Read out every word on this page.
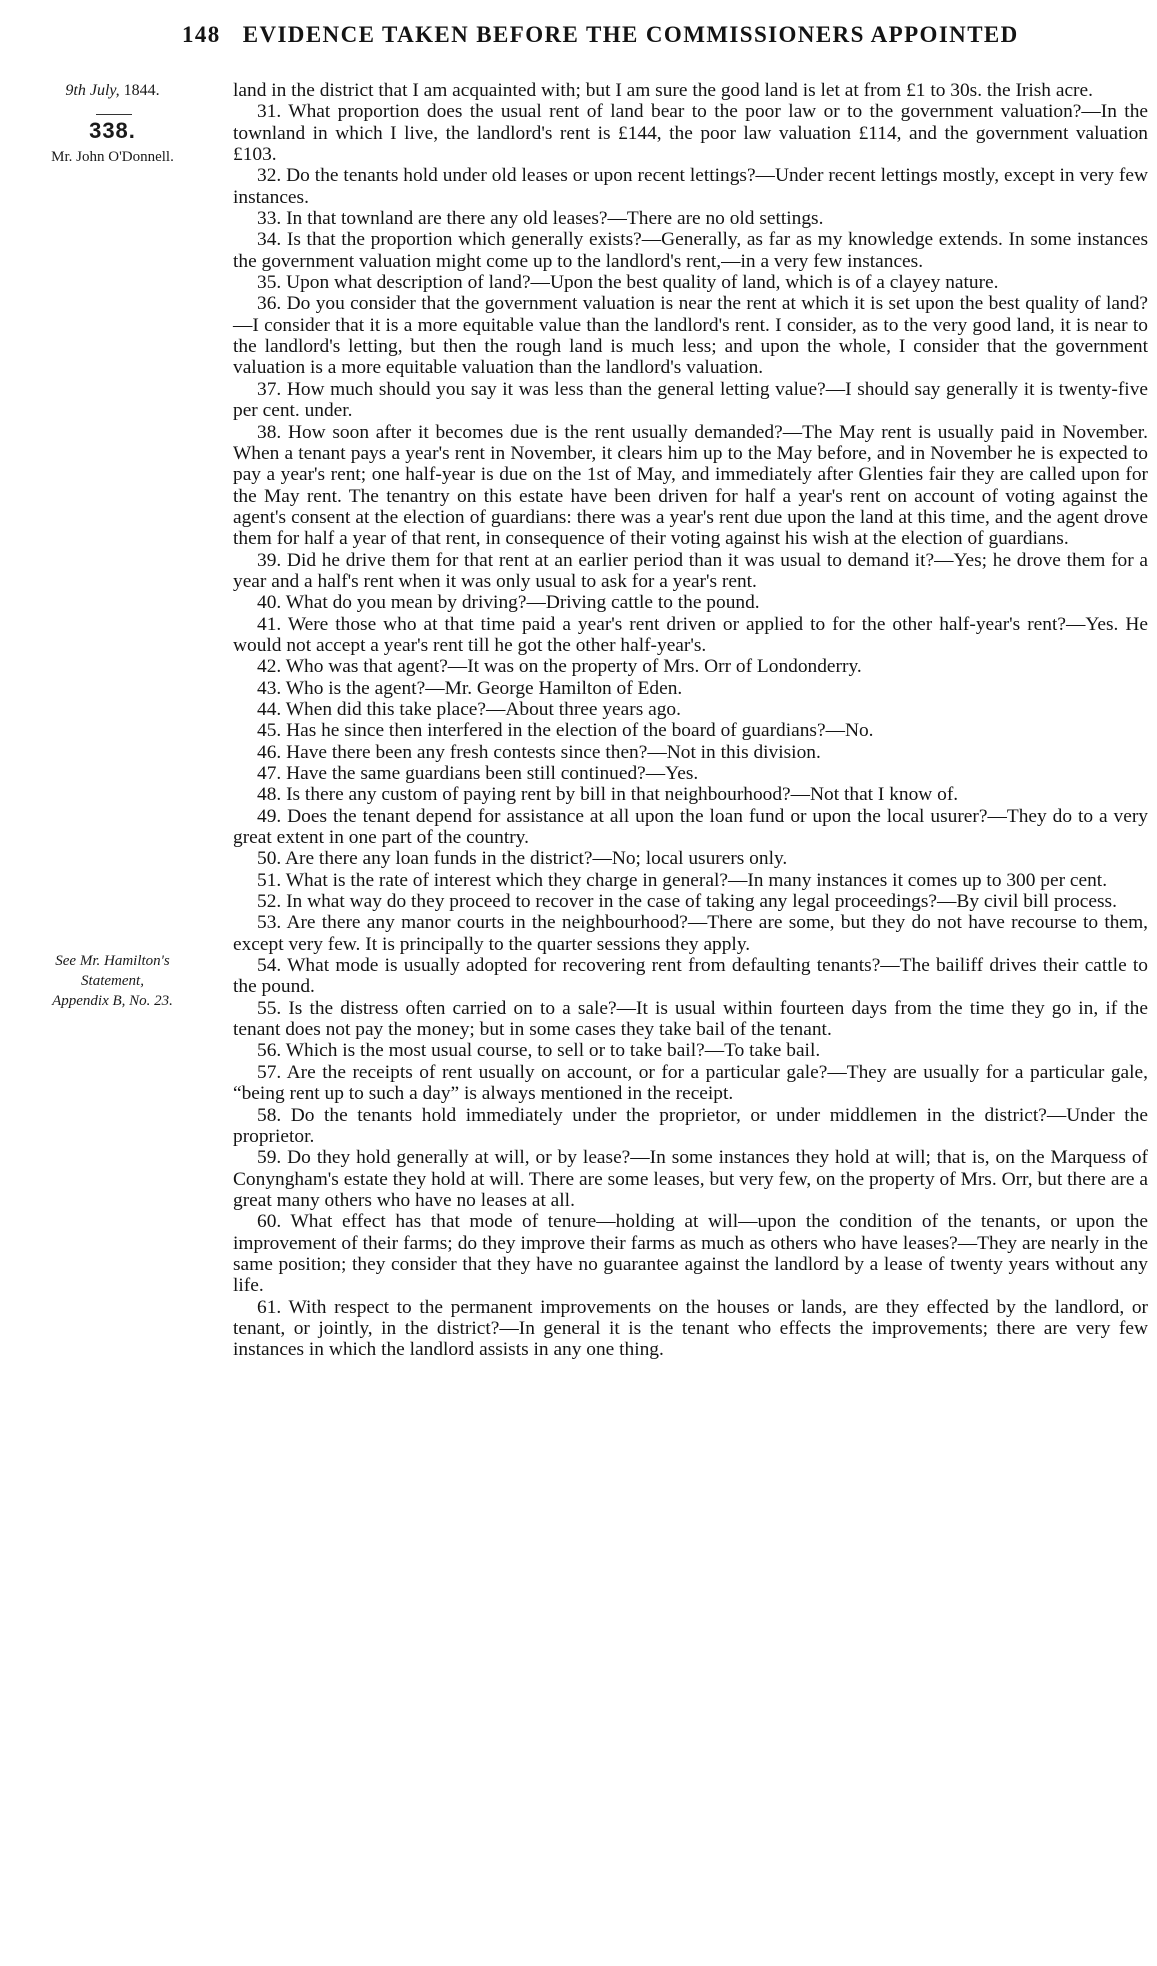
148 EVIDENCE TAKEN BEFORE THE COMMISSIONERS APPOINTED
9th July, 1844.
338.
Mr. John O'Donnell.
See Mr. Hamilton's
Statement,
Appendix B, No. 23.

land in the district that I am acquainted with; but I am sure the good land is let at from £1 to 30s. the Irish acre.

31. What proportion does the usual rent of land bear to the poor law or to the government valuation?—In the townland in which I live, the landlord's rent is £144, the poor law valuation £114, and the government valuation £103.

32. Do the tenants hold under old leases or upon recent lettings?—Under recent lettings mostly, except in very few instances.

33. In that townland are there any old leases?—There are no old settings.

34. Is that the proportion which generally exists?—Generally, as far as my knowledge extends. In some instances the government valuation might come up to the landlord's rent,—in a very few instances.

35. Upon what description of land?—Upon the best quality of land, which is of a clayey nature.

36. Do you consider that the government valuation is near the rent at which it is set upon the best quality of land?—I consider that it is a more equitable value than the landlord's rent. I consider, as to the very good land, it is near to the landlord's letting, but then the rough land is much less; and upon the whole, I consider that the government valuation is a more equitable valuation than the landlord's valuation.

37. How much should you say it was less than the general letting value?—I should say generally it is twenty-five per cent. under.

38. How soon after it becomes due is the rent usually demanded?—The May rent is usually paid in November. When a tenant pays a year's rent in November, it clears him up to the May before, and in November he is expected to pay a year's rent; one half-year is due on the 1st of May, and immediately after Glenties fair they are called upon for the May rent. The tenantry on this estate have been driven for half a year's rent on account of voting against the agent's consent at the election of guardians: there was a year's rent due upon the land at this time, and the agent drove them for half a year of that rent, in consequence of their voting against his wish at the election of guardians.

39. Did he drive them for that rent at an earlier period than it was usual to demand it?—Yes; he drove them for a year and a half's rent when it was only usual to ask for a year's rent.

40. What do you mean by driving?—Driving cattle to the pound.

41. Were those who at that time paid a year's rent driven or applied to for the other half-year's rent?—Yes. He would not accept a year's rent till he got the other half-year's.

42. Who was that agent?—It was on the property of Mrs. Orr of Londonderry.

43. Who is the agent?—Mr. George Hamilton of Eden.

44. When did this take place?—About three years ago.

45. Has he since then interfered in the election of the board of guardians?—No.

46. Have there been any fresh contests since then?—Not in this division.

47. Have the same guardians been still continued?—Yes.

48. Is there any custom of paying rent by bill in that neighbourhood?—Not that I know of.

49. Does the tenant depend for assistance at all upon the loan fund or upon the local usurer?—They do to a very great extent in one part of the country.

50. Are there any loan funds in the district?—No; local usurers only.

51. What is the rate of interest which they charge in general?—In many instances it comes up to 300 per cent.

52. In what way do they proceed to recover in the case of taking any legal proceedings?—By civil bill process.

53. Are there any manor courts in the neighbourhood?—There are some, but they do not have recourse to them, except very few. It is principally to the quarter sessions they apply.

54. What mode is usually adopted for recovering rent from defaulting tenants?—The bailiff drives their cattle to the pound.

55. Is the distress often carried on to a sale?—It is usual within fourteen days from the time they go in, if the tenant does not pay the money; but in some cases they take bail of the tenant.

56. Which is the most usual course, to sell or to take bail?—To take bail.

57. Are the receipts of rent usually on account, or for a particular gale?—They are usually for a particular gale, “being rent up to such a day” is always mentioned in the receipt.

58. Do the tenants hold immediately under the proprietor, or under middlemen in the district?—Under the proprietor.

59. Do they hold generally at will, or by lease?—In some instances they hold at will; that is, on the Marquess of Conyngham's estate they hold at will. There are some leases, but very few, on the property of Mrs. Orr, but there are a great many others who have no leases at all.

60. What effect has that mode of tenure—holding at will—upon the condition of the tenants, or upon the improvement of their farms; do they improve their farms as much as others who have leases?—They are nearly in the same position; they consider that they have no guarantee against the landlord by a lease of twenty years without any life.

61. With respect to the permanent improvements on the houses or lands, are they effected by the landlord, or tenant, or jointly, in the district?—In general it is the tenant who effects the improvements; there are very few instances in which the landlord assists in any one thing.
